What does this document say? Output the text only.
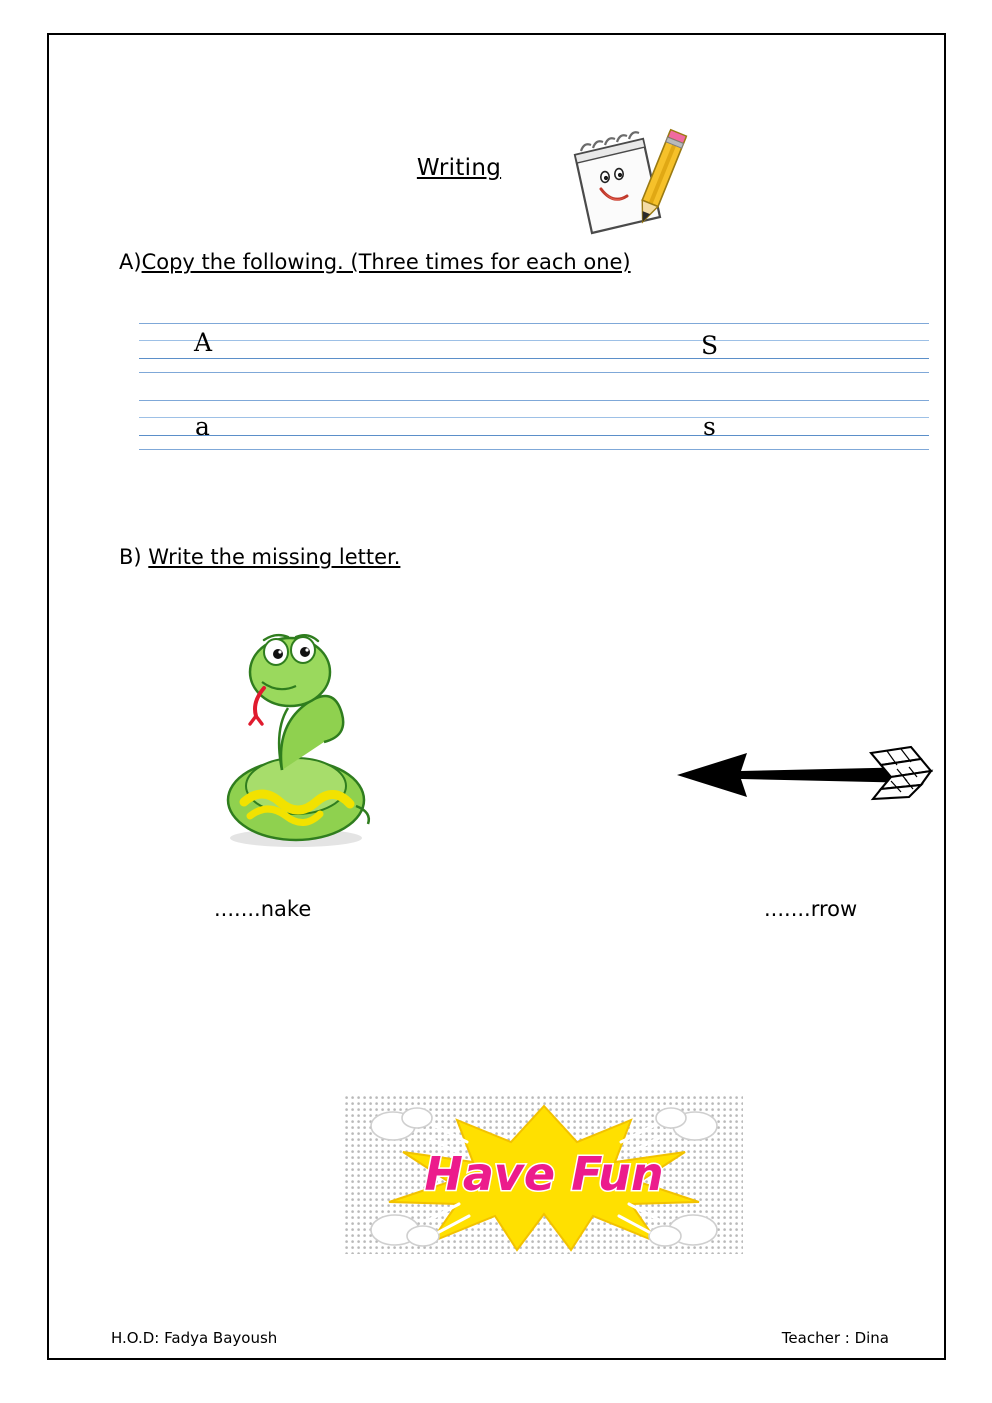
Writing
A)Copy the following. (Three times for each one)
A	S
a	s
B) Write the missing letter.
.......nake	.......rrow
Have Fun
H.O.D: Fadya Bayoush	Teacher : Dina
